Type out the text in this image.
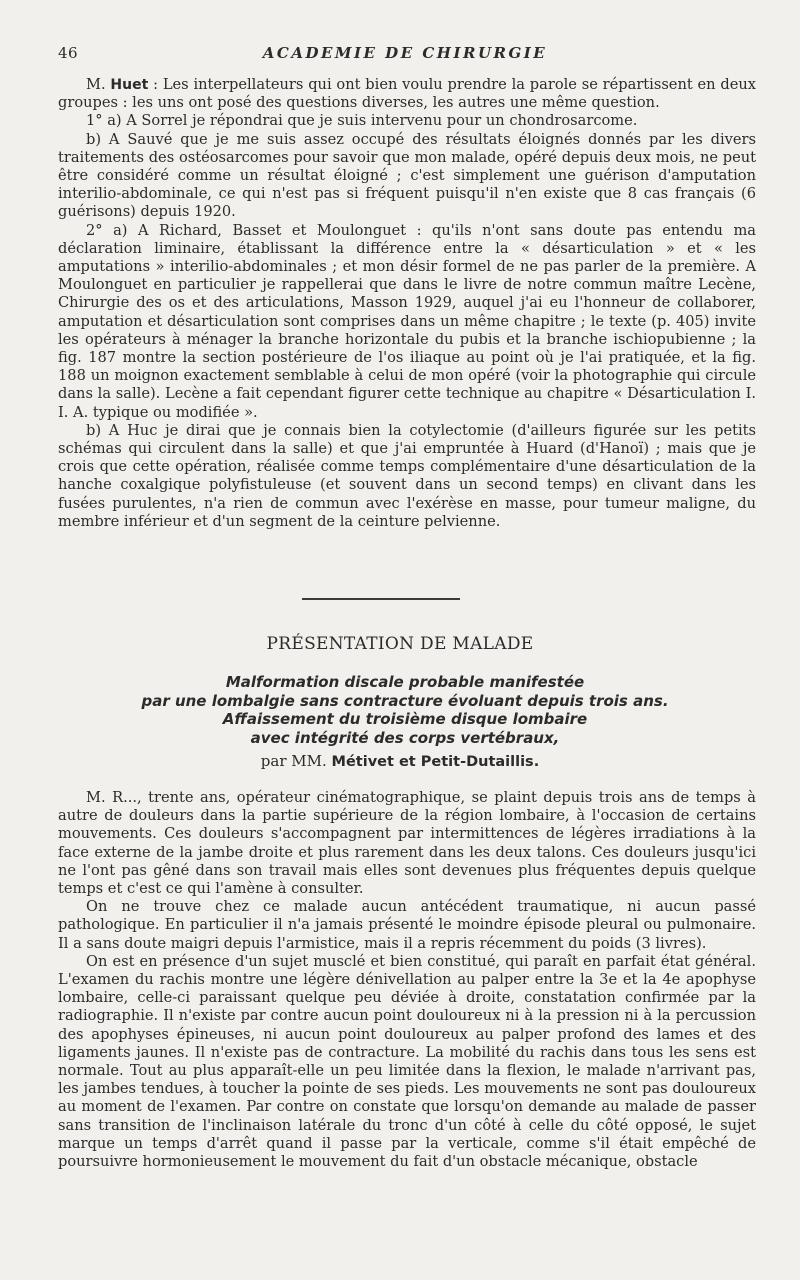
46	ACADEMIE DE CHIRURGIE

M. Huet : Les interpellateurs qui ont bien voulu prendre la parole se répartissent en deux groupes : les uns ont posé des questions diverses, les autres une même question.

1° a) A Sorrel je répondrai que je suis intervenu pour un chondrosarcome.

b) A Sauvé que je me suis assez occupé des résultats éloignés donnés par les divers traitements des ostéosarcomes pour savoir que mon malade, opéré depuis deux mois, ne peut être considéré comme un résultat éloigné ; c'est simplement une guérison d'amputation interilio-abdominale, ce qui n'est pas si fréquent puisqu'il n'en existe que 8 cas français (6 guérisons) depuis 1920.

2° a) A Richard, Basset et Moulonguet : qu'ils n'ont sans doute pas entendu ma déclaration liminaire, établissant la différence entre la « désarticulation » et « les amputations » interilio-abdominales ; et mon désir formel de ne pas parler de la première. A Moulonguet en particulier je rappellerai que dans le livre de notre commun maître Lecène, Chirurgie des os et des articulations, Masson 1929, auquel j'ai eu l'honneur de collaborer, amputation et désarticulation sont comprises dans un même chapitre ; le texte (p. 405) invite les opérateurs à ménager la branche horizontale du pubis et la branche ischiopubienne ; la fig. 187 montre la section postérieure de l'os iliaque au point où je l'ai pratiquée, et la fig. 188 un moignon exactement semblable à celui de mon opéré (voir la photographie qui circule dans la salle). Lecène a fait cependant figurer cette technique au chapitre « Désarticulation I. I. A. typique ou modifiée ».

b) A Huc je dirai que je connais bien la cotylectomie (d'ailleurs figurée sur les petits schémas qui circulent dans la salle) et que j'ai empruntée à Huard (d'Hanoï) ; mais que je crois que cette opération, réalisée comme temps complémentaire d'une désarticulation de la hanche coxalgique polyfistuleuse (et souvent dans un second temps) en clivant dans les fusées purulentes, n'a rien de commun avec l'exérèse en masse, pour tumeur maligne, du membre inférieur et d'un segment de la ceinture pelvienne.

PRÉSENTATION DE MALADE
Malformation discale probable manifestée
par une lombalgie sans contracture évoluant depuis trois ans.
Affaissement du troisième disque lombaire
avec intégrité des corps vertébraux,
par MM. Métivet et Petit-Dutaillis.

M. R..., trente ans, opérateur cinématographique, se plaint depuis trois ans de temps à autre de douleurs dans la partie supérieure de la région lombaire, à l'occasion de certains mouvements. Ces douleurs s'accompagnent par intermittences de légères irradiations à la face externe de la jambe droite et plus rarement dans les deux talons. Ces douleurs jusqu'ici ne l'ont pas gêné dans son travail mais elles sont devenues plus fréquentes depuis quelque temps et c'est ce qui l'amène à consulter.

On ne trouve chez ce malade aucun antécédent traumatique, ni aucun passé pathologique. En particulier il n'a jamais présenté le moindre épisode pleural ou pulmonaire. Il a sans doute maigri depuis l'armistice, mais il a repris récemment du poids (3 livres).

On est en présence d'un sujet musclé et bien constitué, qui paraît en parfait état général. L'examen du rachis montre une légère dénivellation au palper entre la 3e et la 4e apophyse lombaire, celle-ci paraissant quelque peu déviée à droite, constatation confirmée par la radiographie. Il n'existe par contre aucun point douloureux ni à la pression ni à la percussion des apophyses épineuses, ni aucun point douloureux au palper profond des lames et des ligaments jaunes. Il n'existe pas de contracture. La mobilité du rachis dans tous les sens est normale. Tout au plus apparaît-elle un peu limitée dans la flexion, le malade n'arrivant pas, les jambes tendues, à toucher la pointe de ses pieds. Les mouvements ne sont pas douloureux au moment de l'examen. Par contre on constate que lorsqu'on demande au malade de passer sans transition de l'inclinaison latérale du tronc d'un côté à celle du côté opposé, le sujet marque un temps d'arrêt quand il passe par la verticale, comme s'il était empêché de poursuivre hormonieusement le mouvement du fait d'un obstacle mécanique, obstacle
